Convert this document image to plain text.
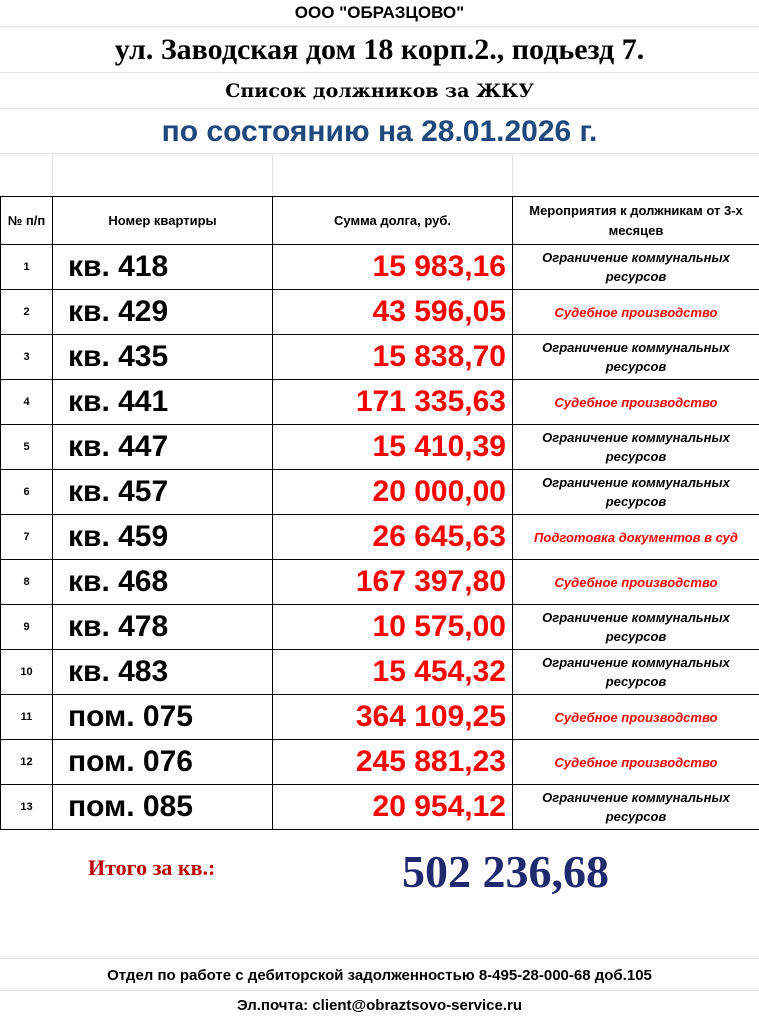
ООО "ОБРАЗЦОВО"
ул. Заводская дом 18 корп.2., подьезд 7.
Список должников за ЖКУ
по состоянию на 28.01.2026 г.
№ п/п	Номер квартиры	Сумма долга, руб.	Мероприятия к должникам от 3-х месяцев
1	кв. 418	15 983,16	Ограничение коммунальных ресурсов
2	кв. 429	43 596,05	Судебное производство
3	кв. 435	15 838,70	Ограничение коммунальных ресурсов
4	кв. 441	171 335,63	Судебное производство
5	кв. 447	15 410,39	Ограничение коммунальных ресурсов
6	кв. 457	20 000,00	Ограничение коммунальных ресурсов
7	кв. 459	26 645,63	Подготовка документов в суд
8	кв. 468	167 397,80	Судебное производство
9	кв. 478	10 575,00	Ограничение коммунальных ресурсов
10	кв. 483	15 454,32	Ограничение коммунальных ресурсов
11	пом. 075	364 109,25	Судебное производство
12	пом. 076	245 881,23	Судебное производство
13	пом. 085	20 954,12	Ограничение коммунальных ресурсов
Итого за кв.:	502 236,68
Отдел по работе с дебиторской задолженностью 8-495-28-000-68 доб.105
Эл.почта: client@obraztsovo-service.ru
